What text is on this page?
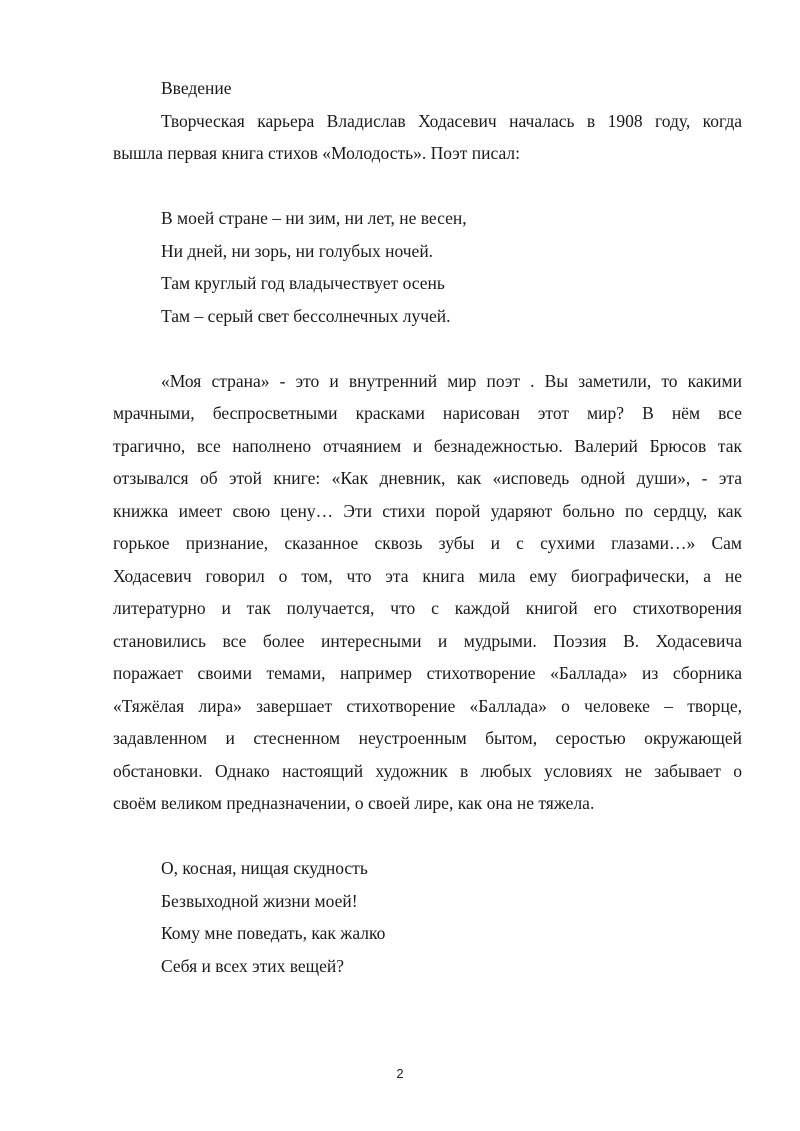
Введение
Творческая карьера Владислав Ходасевич началась в 1908 году, когда
вышла первая книга стихов «Молодость». Поэт писал:
В моей стране – ни зим, ни лет, не весен,
Ни дней, ни зорь, ни голубых ночей.
Там круглый год владычествует осень
Там – серый свет бессолнечных лучей.
«Моя страна» - это и внутренний мир поэт . Вы заметили, то какими
мрачными, беспросветными красками нарисован этот мир? В нём все
трагично, все наполнено отчаянием и безнадежностью. Валерий Брюсов так
отзывался об этой книге: «Как дневник, как «исповедь одной души», - эта
книжка имеет свою цену… Эти стихи порой ударяют больно по сердцу, как
горькое признание, сказанное сквозь зубы и с сухими глазами…» Сам
Ходасевич говорил о том, что эта книга мила ему биографически, а не
литературно и так получается, что с каждой книгой его стихотворения
становились все более интересными и мудрыми. Поэзия В. Ходасевича
поражает своими темами, например стихотворение «Баллада» из сборника
«Тяжёлая лира» завершает стихотворение «Баллада» о человеке – творце,
задавленном и стесненном неустроенным бытом, серостью окружающей
обстановки. Однако настоящий художник в любых условиях не забывает о
своём великом предназначении, о своей лире, как она не тяжела.
О, косная, нищая скудность
Безвыходной жизни моей!
Кому мне поведать, как жалко
Себя и всех этих вещей?
2
